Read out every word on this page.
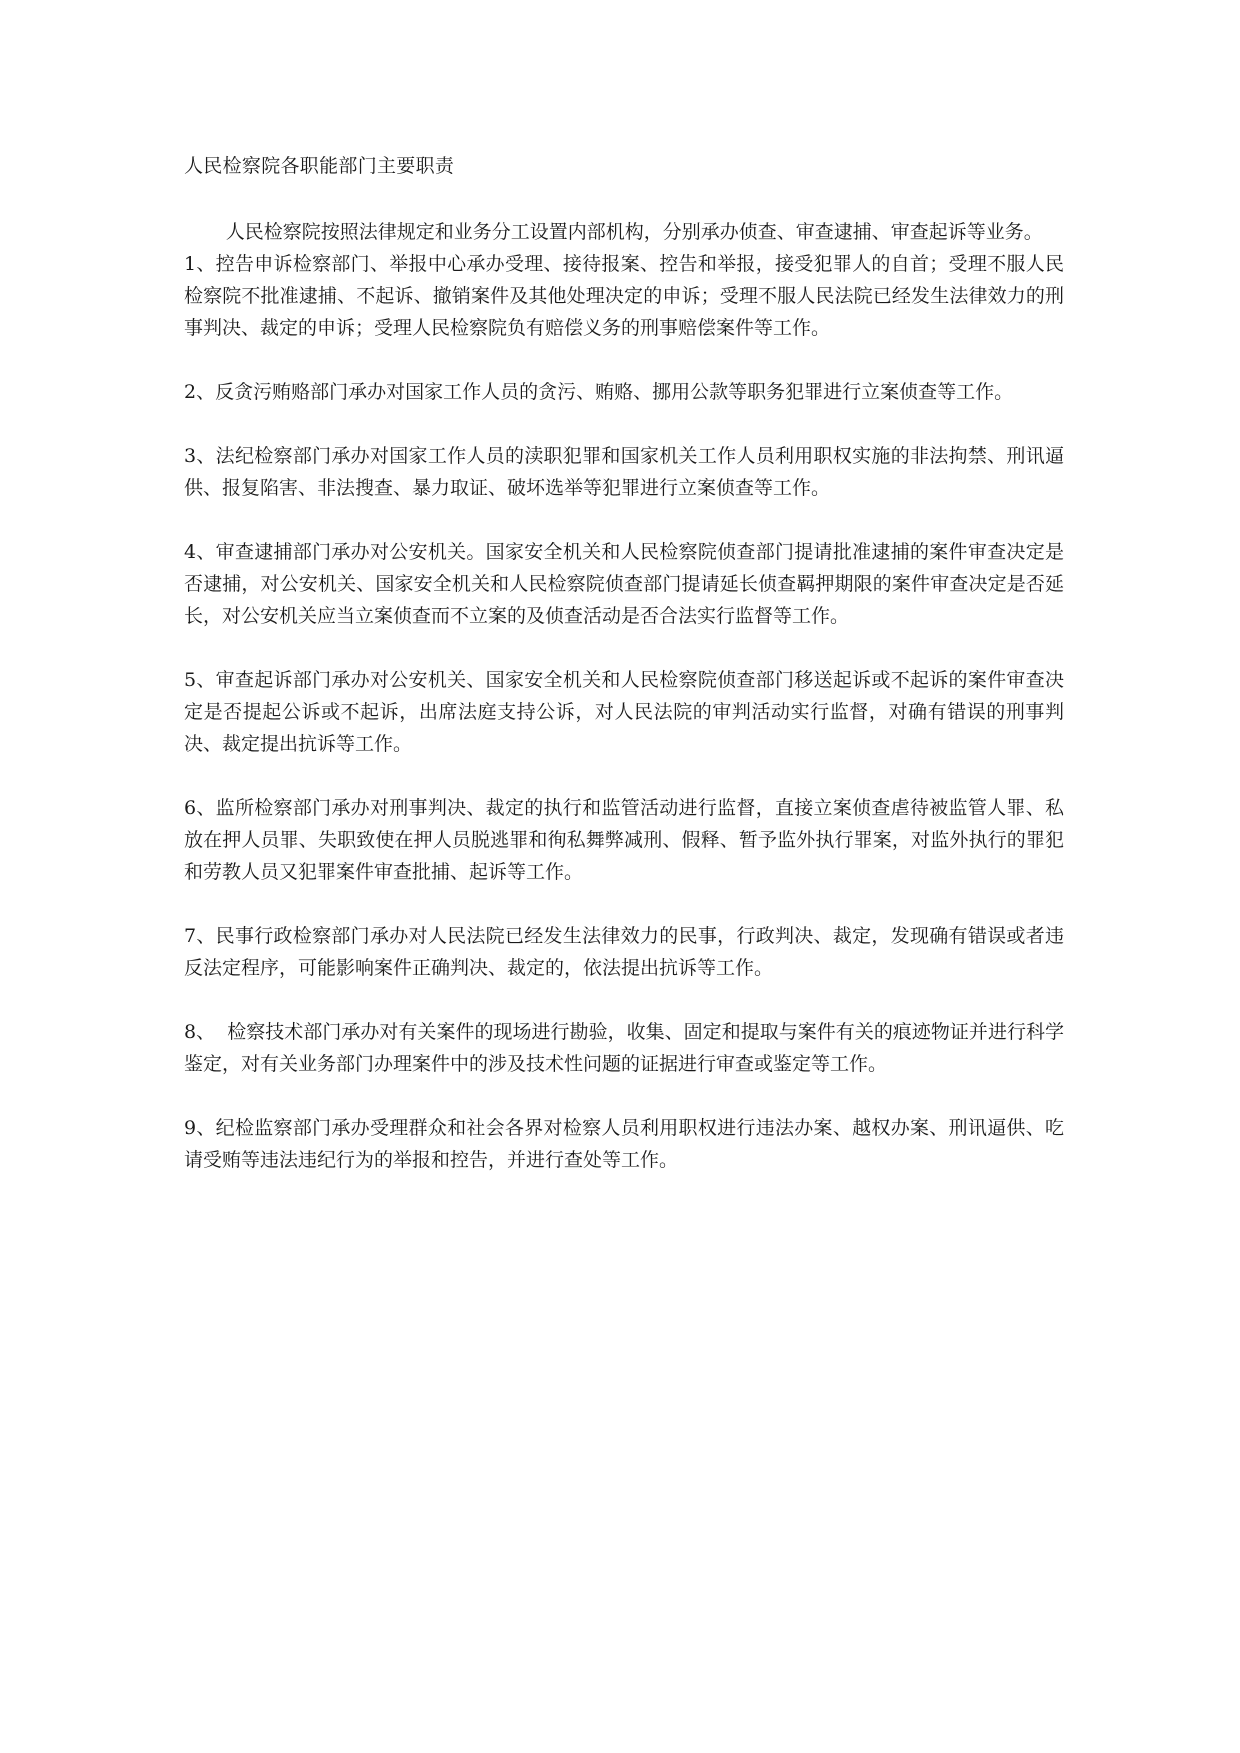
人民检察院各职能部门主要职责

人民检察院按照法律规定和业务分工设置内部机构，分别承办侦查、审查逮捕、审查起诉等业务。

1、控告申诉检察部门、举报中心承办受理、接待报案、控告和举报，接受犯罪人的自首；受理不服人民检察院不批准逮捕、不起诉、撤销案件及其他处理决定的申诉；受理不服人民法院已经发生法律效力的刑事判决、裁定的申诉；受理人民检察院负有赔偿义务的刑事赔偿案件等工作。

2、反贪污贿赂部门承办对国家工作人员的贪污、贿赂、挪用公款等职务犯罪进行立案侦查等工作。

3、法纪检察部门承办对国家工作人员的渎职犯罪和国家机关工作人员利用职权实施的非法拘禁、刑讯逼供、报复陷害、非法搜查、暴力取证、破坏选举等犯罪进行立案侦查等工作。

4、审查逮捕部门承办对公安机关。国家安全机关和人民检察院侦查部门提请批准逮捕的案件审查决定是否逮捕，对公安机关、国家安全机关和人民检察院侦查部门提请延长侦查羁押期限的案件审查决定是否延长，对公安机关应当立案侦查而不立案的及侦查活动是否合法实行监督等工作。

5、审查起诉部门承办对公安机关、国家安全机关和人民检察院侦查部门移送起诉或不起诉的案件审查决定是否提起公诉或不起诉，出席法庭支持公诉，对人民法院的审判活动实行监督，对确有错误的刑事判决、裁定提出抗诉等工作。

6、监所检察部门承办对刑事判决、裁定的执行和监管活动进行监督，直接立案侦查虐待被监管人罪、私放在押人员罪、失职致使在押人员脱逃罪和徇私舞弊减刑、假释、暂予监外执行罪案，对监外执行的罪犯和劳教人员又犯罪案件审查批捕、起诉等工作。

7、民事行政检察部门承办对人民法院已经发生法律效力的民事，行政判决、裁定，发现确有错误或者违反法定程序，可能影响案件正确判决、裁定的，依法提出抗诉等工作。

8、  检察技术部门承办对有关案件的现场进行勘验，收集、固定和提取与案件有关的痕迹物证并进行科学鉴定，对有关业务部门办理案件中的涉及技术性问题的证据进行审查或鉴定等工作。

9、纪检监察部门承办受理群众和社会各界对检察人员利用职权进行违法办案、越权办案、刑讯逼供、吃请受贿等违法违纪行为的举报和控告，并进行查处等工作。
